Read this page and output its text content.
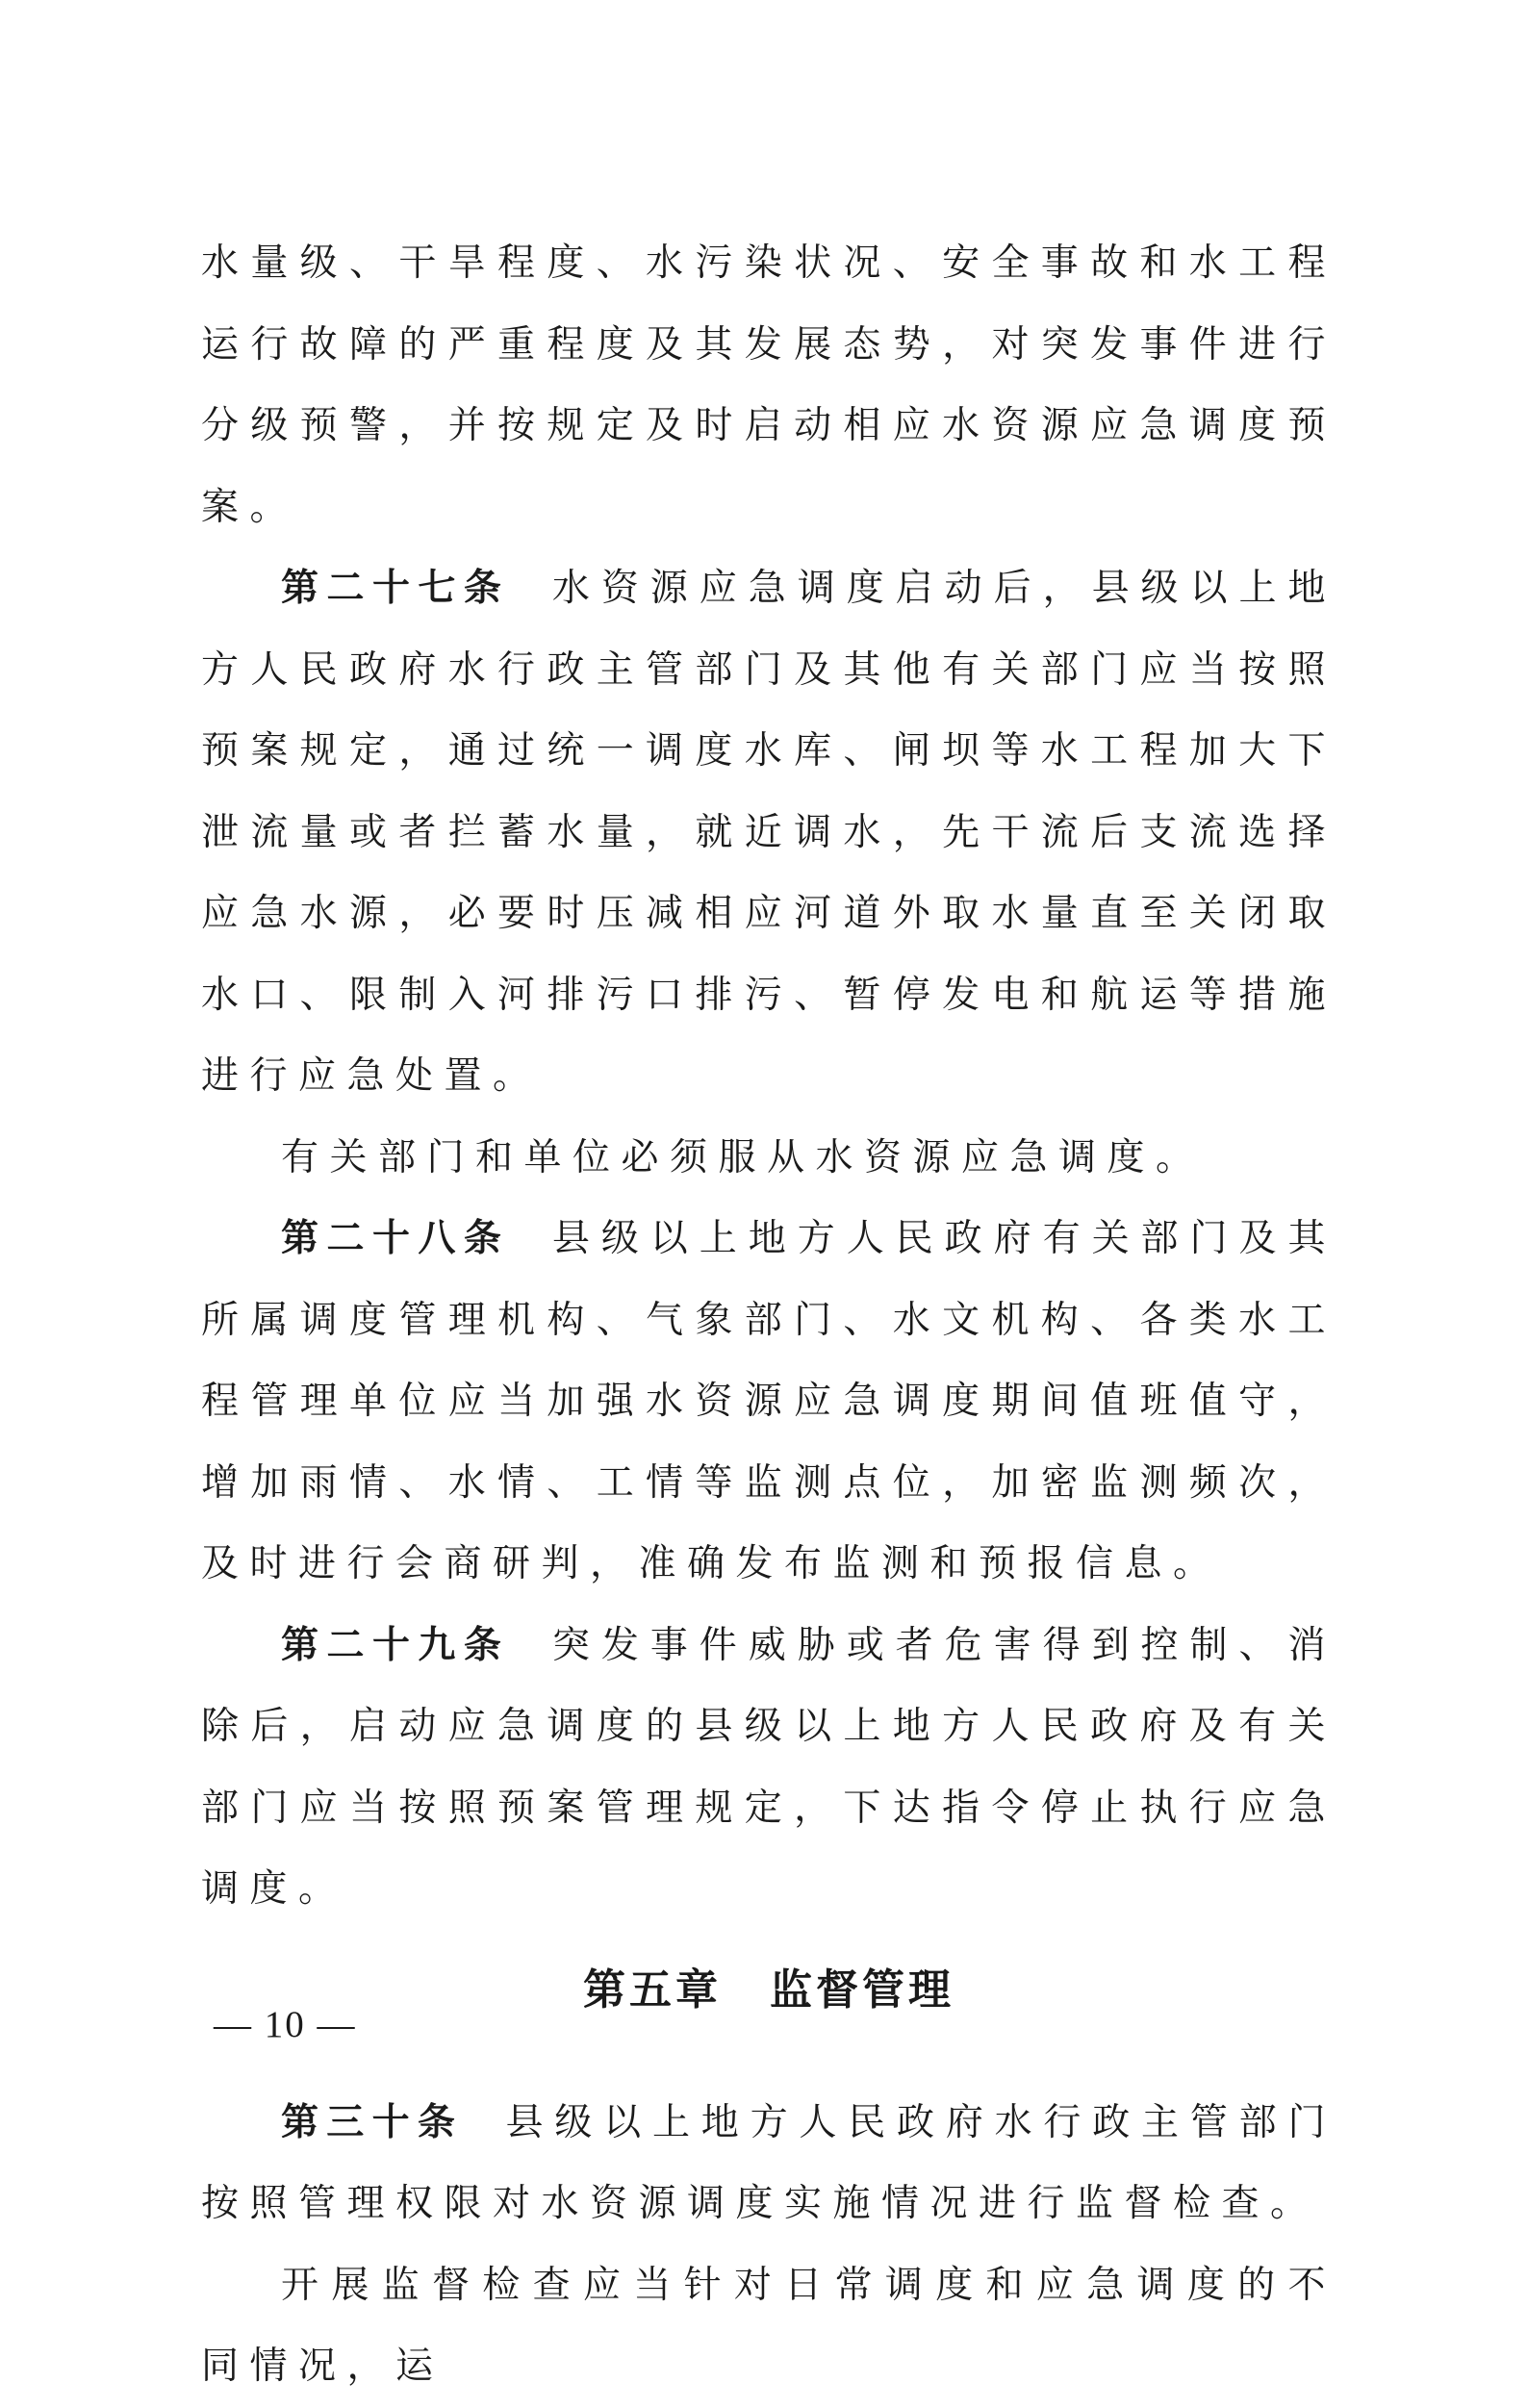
水量级、干旱程度、水污染状况、安全事故和水工程运行故障的严重程度及其发展态势，对突发事件进行分级预警，并按规定及时启动相应水资源应急调度预案。

第二十七条 水资源应急调度启动后，县级以上地方人民政府水行政主管部门及其他有关部门应当按照预案规定，通过统一调度水库、闸坝等水工程加大下泄流量或者拦蓄水量，就近调水，先干流后支流选择应急水源，必要时压减相应河道外取水量直至关闭取水口、限制入河排污口排污、暂停发电和航运等措施进行应急处置。

有关部门和单位必须服从水资源应急调度。

第二十八条 县级以上地方人民政府有关部门及其所属调度管理机构、气象部门、水文机构、各类水工程管理单位应当加强水资源应急调度期间值班值守，增加雨情、水情、工情等监测点位，加密监测频次，及时进行会商研判，准确发布监测和预报信息。

第二十九条 突发事件威胁或者危害得到控制、消除后，启动应急调度的县级以上地方人民政府及有关部门应当按照预案管理规定，下达指令停止执行应急调度。

第五章 监督管理

第三十条 县级以上地方人民政府水行政主管部门按照管理权限对水资源调度实施情况进行监督检查。

开展监督检查应当针对日常调度和应急调度的不同情况，运

— 10 —
